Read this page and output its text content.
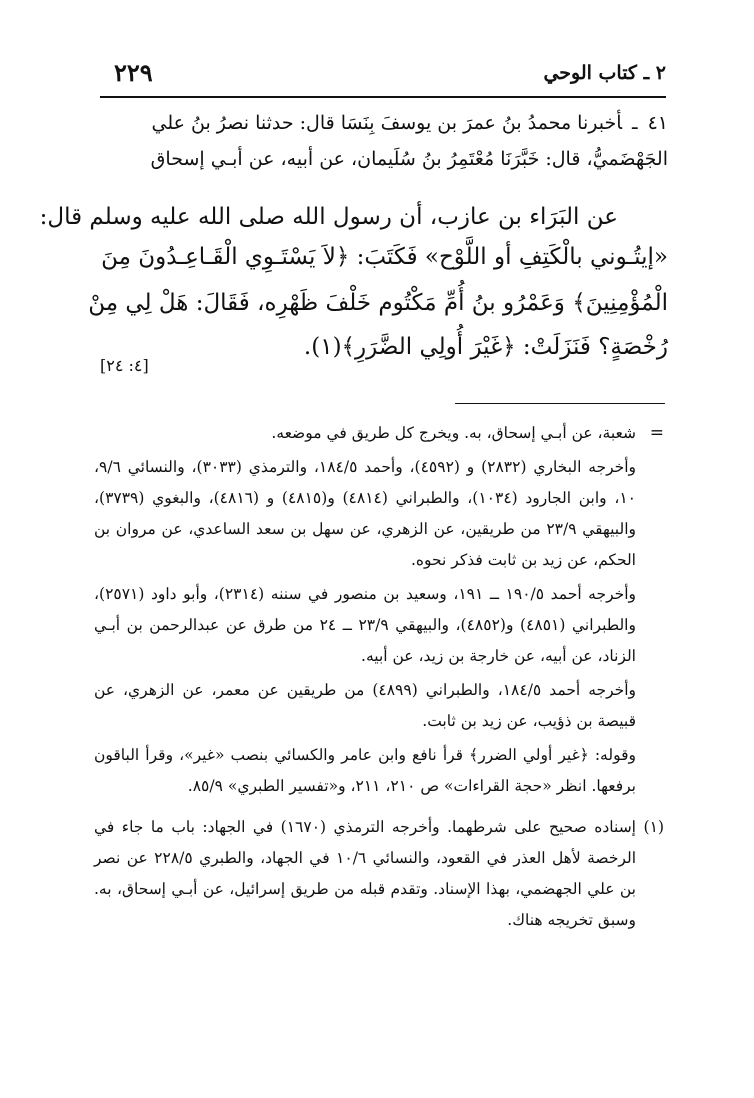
٢ ـ كتاب الوحي
٢٢٩
٤١ـأخبرنا محمدُ بنُ عمرَ بن يوسفَ بِنَسَا قال: حدثنا نصرُ بنُ علي
الجَهْضَميُّ، قال: خَبَّرَنَا مُعْتَمِرُ بنُ سُلَيمان، عن أبيه، عن أبـي إسحاق
عن البَرَاء بن عازب، أن رسول الله صلى الله عليه وسلم قال:
«إيتُـوني بالْكَتِفِ أو اللَّوْح» فَكَتَبَ: ﴿لاَ يَسْتَـوِي الْقَـاعِـدُونَ مِنَ
الْمُؤْمِنِينَ﴾ وَعَمْرُو بنُ أُمِّ مَكْتُوم خَلْفَ ظَهْرِه، فَقَالَ: هَلْ لِي مِنْ
رُخْصَةٍ؟ فَنَزَلَتْ: ﴿غَيْرَ أُولِي الضَّرَرِ﴾(١).
[٤: ٢٤]
=
شعبة، عن أبـي إسحاق، به. ويخرج كل طريق في موضعه.
وأخرجه البخاري (٢٨٣٢) و (٤٥٩٢)، وأحمد ١٨٤/٥، والترمذي (٣٠٣٣)، والنسائي ٩/٦، ١٠، وابن الجارود (١٠٣٤)، والطبراني (٤٨١٤) و(٤٨١٥) و (٤٨١٦)، والبغوي (٣٧٣٩)، والبيهقي ٢٣/٩ من طريقين، عن الزهري، عن سهل بن سعد الساعدي، عن مروان بن الحكم، عن زيد بن ثابت فذكر نحوه.
وأخرجه أحمد ١٩٠/٥ ــ ١٩١، وسعيد بن منصور في سننه (٢٣١٤)، وأبو داود (٢٥٧١)، والطبراني (٤٨٥١) و(٤٨٥٢)، والبيهقي ٢٣/٩ ــ ٢٤ من طرق عن عبدالرحمن بن أبـي الزناد، عن أبيه، عن خارجة بن زيد، عن أبيه.
وأخرجه أحمد ١٨٤/٥، والطبراني (٤٨٩٩) من طريقين عن معمر، عن الزهري، عن قبيصة بن ذؤيب، عن زيد بن ثابت.
وقوله: ﴿غير أولي الضرر﴾ قرأ نافع وابن عامر والكسائي بنصب «غير»، وقرأ الباقون برفعها. انظر «حجة القراءات» ص ٢١٠، ٢١١، و«تفسير الطبري» ٨٥/٩.
(١)
إسناده صحيح على شرطهما. وأخرجه الترمذي (١٦٧٠) في الجهاد: باب ما جاء في الرخصة لأهل العذر في القعود، والنسائي ١٠/٦ في الجهاد، والطبري ٢٢٨/٥ عن نصر بن علي الجهضمي، بهذا الإسناد. وتقدم قبله من طريق إسرائيل، عن أبـي إسحاق، به. وسبق تخريجه هناك.
